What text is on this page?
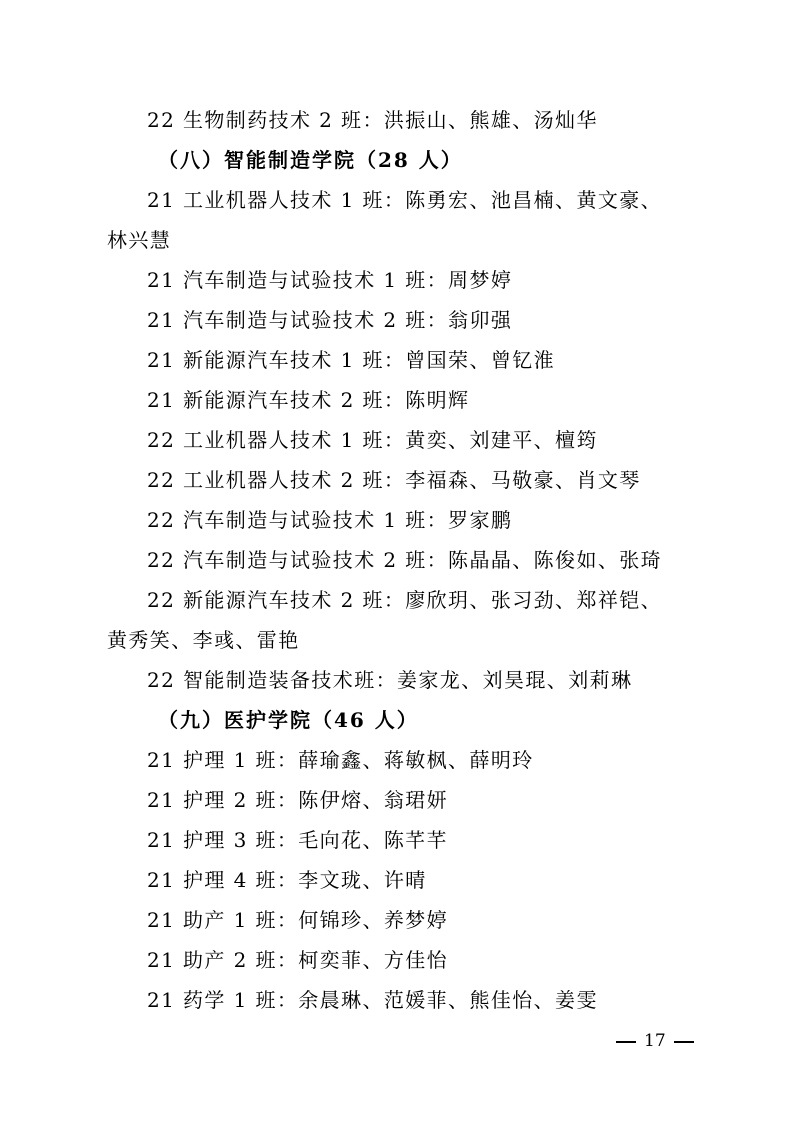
22 生物制药技术 2 班：洪振山、熊雄、汤灿华
（八）智能制造学院（28 人）
21 工业机器人技术 1 班：陈勇宏、池昌楠、黄文豪、
林兴慧
21 汽车制造与试验技术 1 班：周梦婷
21 汽车制造与试验技术 2 班：翁卯强
21 新能源汽车技术 1 班：曾国荣、曾钇淮
21 新能源汽车技术 2 班：陈明辉
22 工业机器人技术 1 班：黄奕、刘建平、檀筠
22 工业机器人技术 2 班：李福森、马敬豪、肖文琴
22 汽车制造与试验技术 1 班：罗家鹏
22 汽车制造与试验技术 2 班：陈晶晶、陈俊如、张琦
22 新能源汽车技术 2 班：廖欣玥、张习劲、郑祥铠、
黄秀笑、李彧、雷艳
22 智能制造装备技术班：姜家龙、刘昊琨、刘莉琳
（九）医护学院（46 人）
21 护理 1 班：薛瑜鑫、蒋敏枫、薛明玲
21 护理 2 班：陈伊熔、翁珺妍
21 护理 3 班：毛向花、陈芊芊
21 护理 4 班：李文珑、许晴
21 助产 1 班：何锦珍、养梦婷
21 助产 2 班：柯奕菲、方佳怡
21 药学 1 班：余晨琳、范媛菲、熊佳怡、姜雯
17
